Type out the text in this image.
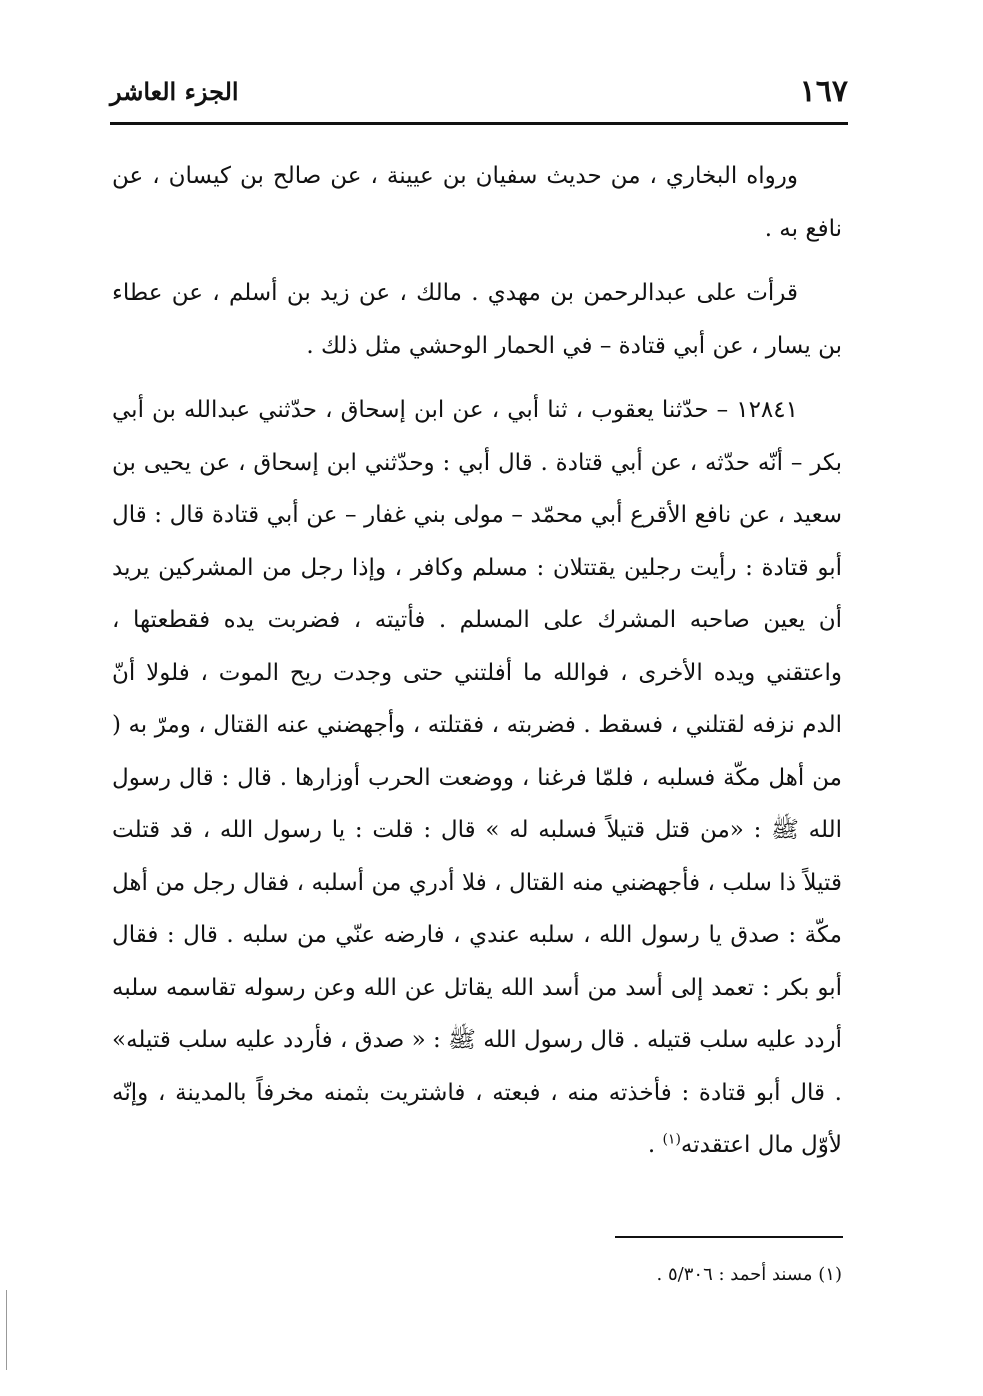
١٦٧
الجزء العاشر

ورواه البخاري ، من حديث سفيان بن عيينة ، عن صالح بن كيسان ، عن نافع به .

قرأت على عبدالرحمن بن مهدي . مالك ، عن زيد بن أسلم ، عن عطاء بن يسار ، عن أبي قتادة – في الحمار الوحشي مثل ذلك .

١٢٨٤١ – حدّثنا يعقوب ، ثنا أبي ، عن ابن إسحاق ، حدّثني عبدالله بن أبي بكر – أنّه حدّثه ، عن أبي قتادة . قال أبي : وحدّثني ابن إسحاق ، عن يحيى بن سعيد ، عن نافع الأقرع أبي محمّد – مولى بني غفار – عن أبي قتادة قال : قال أبو قتادة : رأيت رجلين يقتتلان : مسلم وكافر ، وإذا رجل من المشركين يريد أن يعين صاحبه المشرك على المسلم . فأتيته ، فضربت يده فقطعتها ، واعتقني ويده الأخرى ، فوالله ما أفلتني حتى وجدت ريح الموت ، فلولا أنّ الدم نزفه لقتلني ، فسقط . فضربته ، فقتلته ، وأجهضني عنه القتال ، ومرّ به ( من أهل مكّة فسلبه ، فلمّا فرغنا ، ووضعت الحرب أوزارها . قال : قال رسول الله ﷺ : «من قتل قتيلاً فسلبه له » قال : قلت : يا رسول الله ، قد قتلت قتيلاً ذا سلب ، فأجهضني منه القتال ، فلا أدري من أسلبه ، فقال رجل من أهل مكّة : صدق يا رسول الله ، سلبه عندي ، فارضه عنّي من سلبه . قال : فقال أبو بكر : تعمد إلى أسد من أسد الله يقاتل عن الله وعن رسوله تقاسمه سلبه أردد عليه سلب قتيله . قال رسول الله ﷺ : « صدق ، فأردد عليه سلب قتيله» . قال أبو قتادة : فأخذته منه ، فبعته ، فاشتريت بثمنه مخرفاً بالمدينة ، وإنّه لأوّل مال اعتقدته$^{(١)}$ .

(١) مسند أحمد : ٥/٣٠٦ .
